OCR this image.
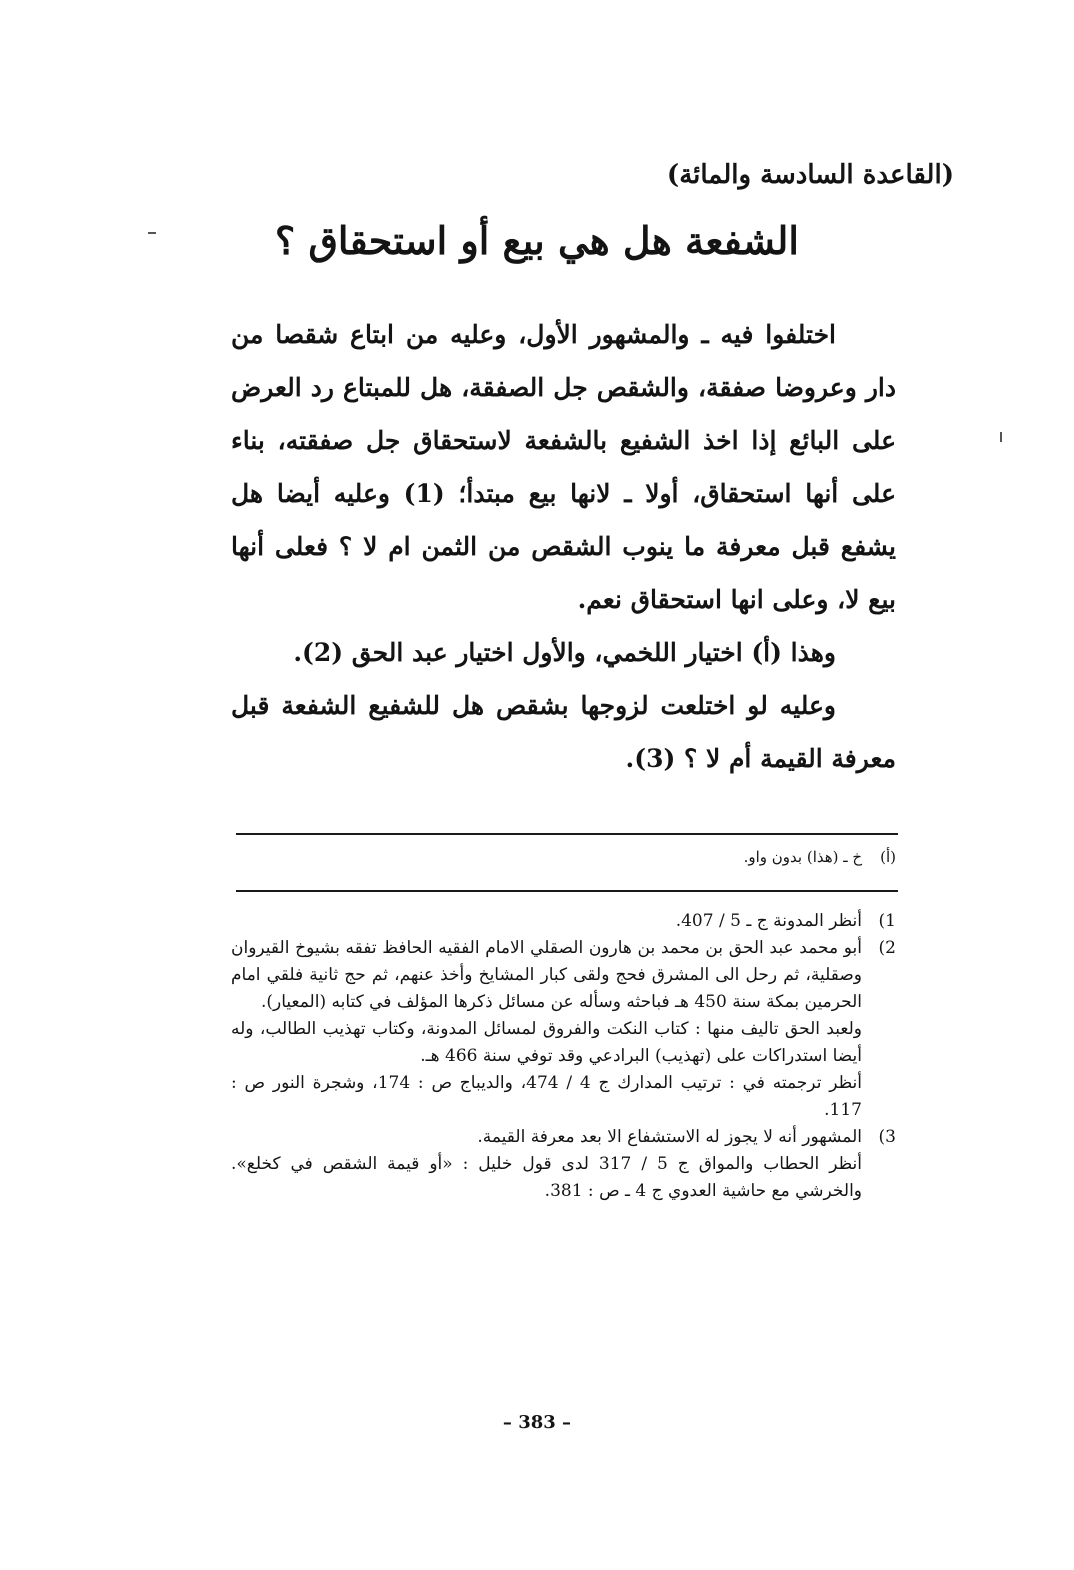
(القاعدة السادسة والمائة)
الشفعة هل هي بيع أو استحقاق ؟

اختلفوا فيه ـ والمشهور الأول، وعليه من ابتاع شقصا من دار وعروضا صفقة، والشقص جل الصفقة، هل للمبتاع رد العرض على البائع إذا اخذ الشفيع بالشفعة لاستحقاق جل صفقته، بناء على أنها استحقاق، أولا ـ لانها بيع مبتدأ؛ (1) وعليه أيضا هل يشفع قبل معرفة ما ينوب الشقص من الثمن ام لا ؟ فعلى أنها بيع لا، وعلى انها استحقاق نعم.

وهذا (أ) اختيار اللخمي، والأول اختيار عبد الحق (2).

وعليه لو اختلعت لزوجها بشقص هل للشفيع الشفعة قبل معرفة القيمة أم لا ؟ (3).

(أ)
خ ـ (هذا) بدون واو.
1)

أنظر المدونة ج ـ 5 / 407.

2)

أبو محمد عبد الحق بن محمد بن هارون الصقلي الامام الفقيه الحافظ تفقه بشيوخ القيروان وصقلية، ثم رحل الى المشرق فحج ولقى كبار المشايخ وأخذ عنهم، ثم حج ثانية فلقي امام الحرمين بمكة سنة 450 هـ فباحثه وسأله عن مسائل ذكرها المؤلف في كتابه (المعيار).

ولعبد الحق تاليف منها : كتاب النكت والفروق لمسائل المدونة، وكتاب تهذيب الطالب، وله أيضا استدراكات على (تهذيب) البرادعي وقد توفي سنة 466 هـ.

أنظر ترجمته في : ترتيب المدارك ج 4 / 474، والديباج ص : 174، وشجرة النور ص : 117.

3)

المشهور أنه لا يجوز له الاستشفاع الا بعد معرفة القيمة.

أنظر الحطاب والمواق ج 5 / 317 لدى قول خليل : «أو قيمة الشقص في كخلع». والخرشي مع حاشية العدوي ج 4 ـ ص : 381.

– 383 –
